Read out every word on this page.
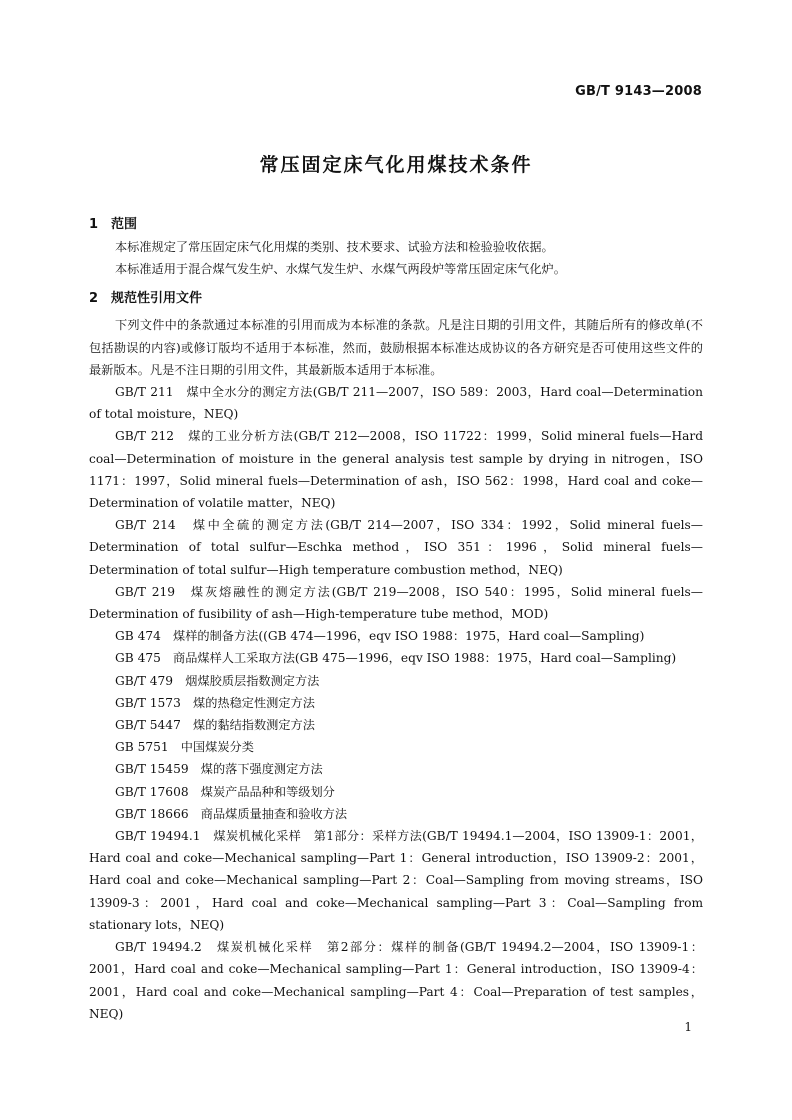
GB/T 9143—2008
常压固定床气化用煤技术条件
1 范围

本标准规定了常压固定床气化用煤的类别、技术要求、试验方法和检验验收依据。

本标准适用于混合煤气发生炉、水煤气发生炉、水煤气两段炉等常压固定床气化炉。

2 规范性引用文件

下列文件中的条款通过本标准的引用而成为本标准的条款。凡是注日期的引用文件，其随后所有的修改单(不包括勘误的内容)或修订版均不适用于本标准，然而，鼓励根据本标准达成协议的各方研究是否可使用这些文件的最新版本。凡是不注日期的引用文件，其最新版本适用于本标准。

GB/T 211　煤中全水分的测定方法(GB/T 211—2007，ISO 589：2003，Hard coal—Determination of total moisture，NEQ)

GB/T 212　煤的工业分析方法(GB/T 212—2008，ISO 11722：1999，Solid mineral fuels—Hard coal—Determination of moisture in the general analysis test sample by drying in nitrogen，ISO 1171：1997，Solid mineral fuels—Determination of ash，ISO 562：1998，Hard coal and coke—Determination of volatile matter，NEQ)

GB/T 214　煤中全硫的测定方法(GB/T 214—2007，ISO 334：1992，Solid mineral fuels—Determination of total sulfur—Eschka method，ISO 351：1996，Solid mineral fuels—Determination of total sulfur—High temperature combustion method，NEQ)

GB/T 219　煤灰熔融性的测定方法(GB/T 219—2008，ISO 540：1995，Solid mineral fuels—Determination of fusibility of ash—High-temperature tube method，MOD)

GB 474　煤样的制备方法((GB 474—1996，eqv ISO 1988：1975，Hard coal—Sampling)

GB 475　商品煤样人工采取方法(GB 475—1996，eqv ISO 1988：1975，Hard coal—Sampling)

GB/T 479　烟煤胶质层指数测定方法

GB/T 1573　煤的热稳定性测定方法

GB/T 5447　煤的黏结指数测定方法

GB 5751　中国煤炭分类

GB/T 15459　煤的落下强度测定方法

GB/T 17608　煤炭产品品种和等级划分

GB/T 18666　商品煤质量抽查和验收方法

GB/T 19494.1　煤炭机械化采样　第1部分：采样方法(GB/T 19494.1—2004，ISO 13909-1：2001，Hard coal and coke—Mechanical sampling—Part 1：General introduction，ISO 13909-2：2001，Hard coal and coke—Mechanical sampling—Part 2：Coal—Sampling from moving streams，ISO 13909-3：2001，Hard coal and coke—Mechanical sampling—Part 3：Coal—Sampling from stationary lots，NEQ)

GB/T 19494.2　煤炭机械化采样　第2部分：煤样的制备(GB/T 19494.2—2004，ISO 13909-1：2001，Hard coal and coke—Mechanical sampling—Part 1：General introduction，ISO 13909-4：2001，Hard coal and coke—Mechanical sampling—Part 4：Coal—Preparation of test samples，NEQ)

1
